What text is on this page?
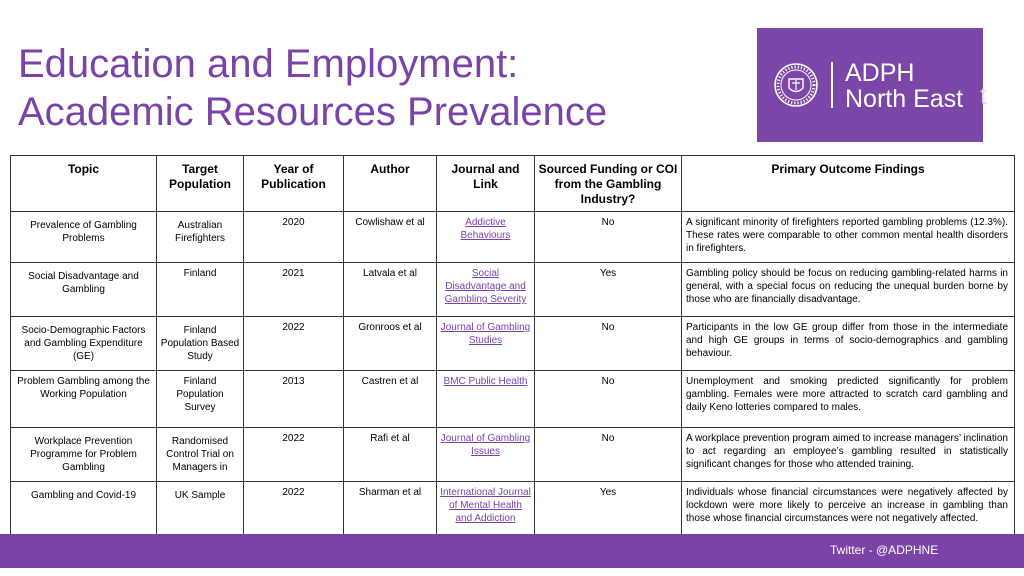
Education and Employment:
Academic Resources Prevalence
ADPH
North East t
Topic	Target Population	Year of Publication	Author	Journal and Link	Sourced Funding or COI from the Gambling Industry?	Primary Outcome Findings
Prevalence of Gambling Problems	Australian Firefighters	2020	Cowlishaw et al	Addictive Behaviours	No	A significant minority of firefighters reported gambling problems (12.3%). These rates were comparable to other common mental health disorders in firefighters.
Social Disadvantage and Gambling	Finland	2021	Latvala et al	Social Disadvantage and Gambling Severity	Yes	Gambling policy should be focus on reducing gambling-related harms in general, with a special focus on reducing the unequal burden borne by those who are financially disadvantage.
Socio-Demographic Factors and Gambling Expenditure (GE)	Finland Population Based Study	2022	Gronroos et al	Journal of Gambling Studies	No	Participants in the low GE group differ from those in the intermediate and high GE groups in terms of socio-demographics and gambling behaviour.
Problem Gambling among the Working Population	Finland Population Survey	2013	Castren et al	BMC Public Health	No	Unemployment and smoking predicted significantly for problem gambling. Females were more attracted to scratch card gambling and daily Keno lotteries compared to males.
Workplace Prevention Programme for Problem Gambling	Randomised Control Trial on Managers in	2022	Rafi et al	Journal of Gambling Issues	No	A workplace prevention program aimed to increase managers’ inclination to act regarding an employee’s gambling resulted in statistically significant changes for those who attended training.
Gambling and Covid-19	UK Sample	2022	Sharman et al	International Journal of Mental Health and Addiction	Yes	Individuals whose financial circumstances were negatively affected by lockdown were more likely to perceive an increase in gambling than those whose financial circumstances were not negatively affected.
Twitter - @ADPHNE
